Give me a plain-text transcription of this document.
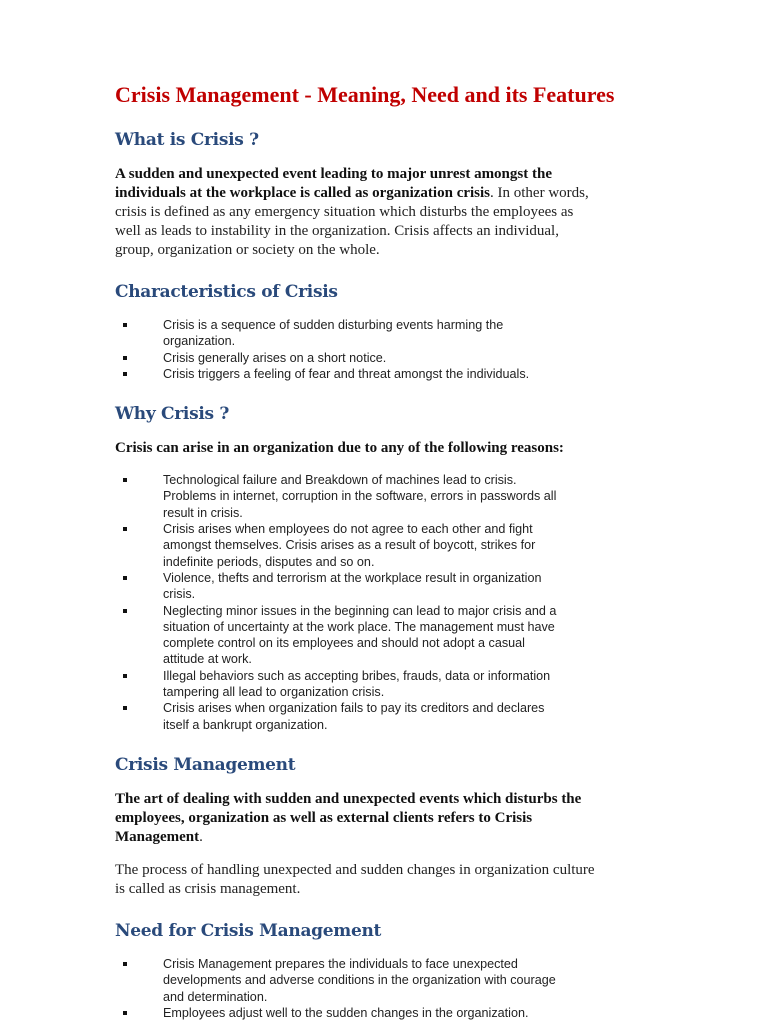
Crisis Management - Meaning, Need and its Features
What is Crisis ?

A sudden and unexpected event leading to major unrest amongst the individuals at the workplace is called as organization crisis. In other words, crisis is defined as any emergency situation which disturbs the employees as well as leads to instability in the organization. Crisis affects an individual, group, organization or society on the whole.

Characteristics of Crisis
Crisis is a sequence of sudden disturbing events harming the organization.
Crisis generally arises on a short notice.
Crisis triggers a feeling of fear and threat amongst the individuals.
Why Crisis ?

Crisis can arise in an organization due to any of the following reasons:

Technological failure and Breakdown of machines lead to crisis. Problems in internet, corruption in the software, errors in passwords all result in crisis.
Crisis arises when employees do not agree to each other and fight amongst themselves. Crisis arises as a result of boycott, strikes for indefinite periods, disputes and so on.
Violence, thefts and terrorism at the workplace result in organization crisis.
Neglecting minor issues in the beginning can lead to major crisis and a situation of uncertainty at the work place. The management must have complete control on its employees and should not adopt a casual attitude at work.
Illegal behaviors such as accepting bribes, frauds, data or information tampering all lead to organization crisis.
Crisis arises when organization fails to pay its creditors and declares itself a bankrupt organization.
Crisis Management

The art of dealing with sudden and unexpected events which disturbs the employees, organization as well as external clients refers to Crisis Management.

The process of handling unexpected and sudden changes in organization culture is called as crisis management.

Need for Crisis Management
Crisis Management prepares the individuals to face unexpected developments and adverse conditions in the organization with courage and determination.
Employees adjust well to the sudden changes in the organization.
